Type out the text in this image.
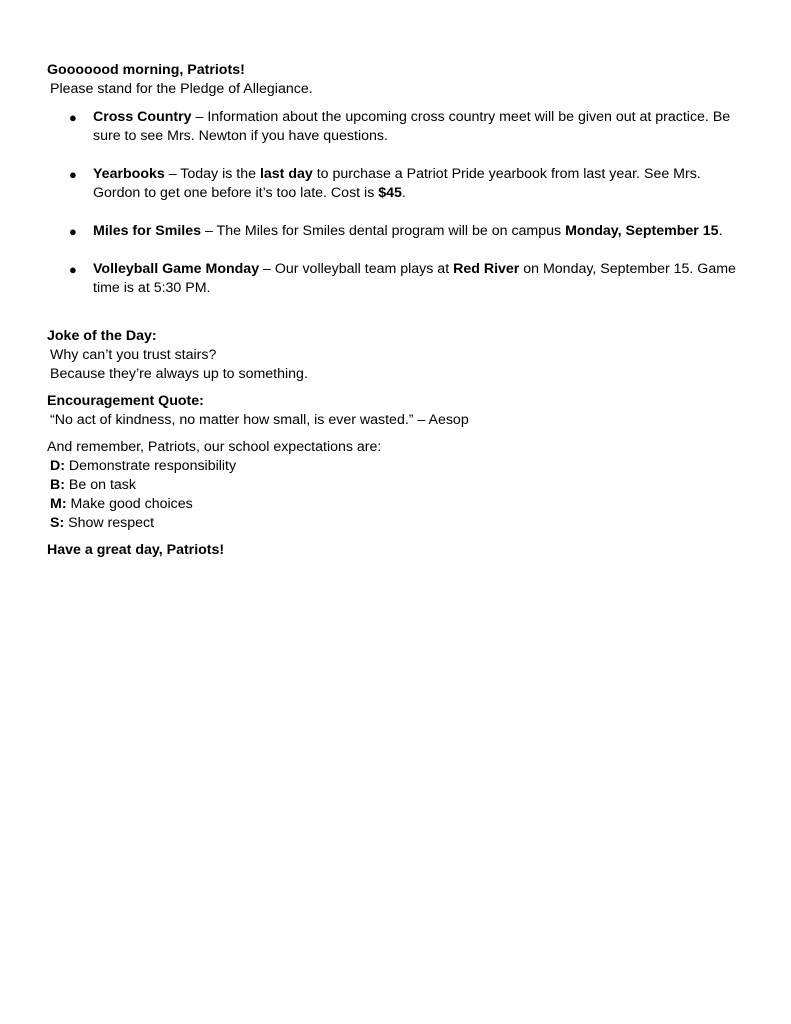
Gooooood morning, Patriots!
Please stand for the Pledge of Allegiance.
● Cross Country – Information about the upcoming cross country meet will be given out at practice. Be sure to see Mrs. Newton if you have questions.
● Yearbooks – Today is the last day to purchase a Patriot Pride yearbook from last year. See Mrs. Gordon to get one before it’s too late. Cost is $45.
● Miles for Smiles – The Miles for Smiles dental program will be on campus Monday, September 15.
● Volleyball Game Monday – Our volleyball team plays at Red River on Monday, September 15. Game time is at 5:30 PM.
Joke of the Day:
Why can’t you trust stairs?
Because they’re always up to something.
Encouragement Quote:
“No act of kindness, no matter how small, is ever wasted.” – Aesop
And remember, Patriots, our school expectations are:
D: Demonstrate responsibility
B: Be on task
M: Make good choices
S: Show respect
Have a great day, Patriots!
